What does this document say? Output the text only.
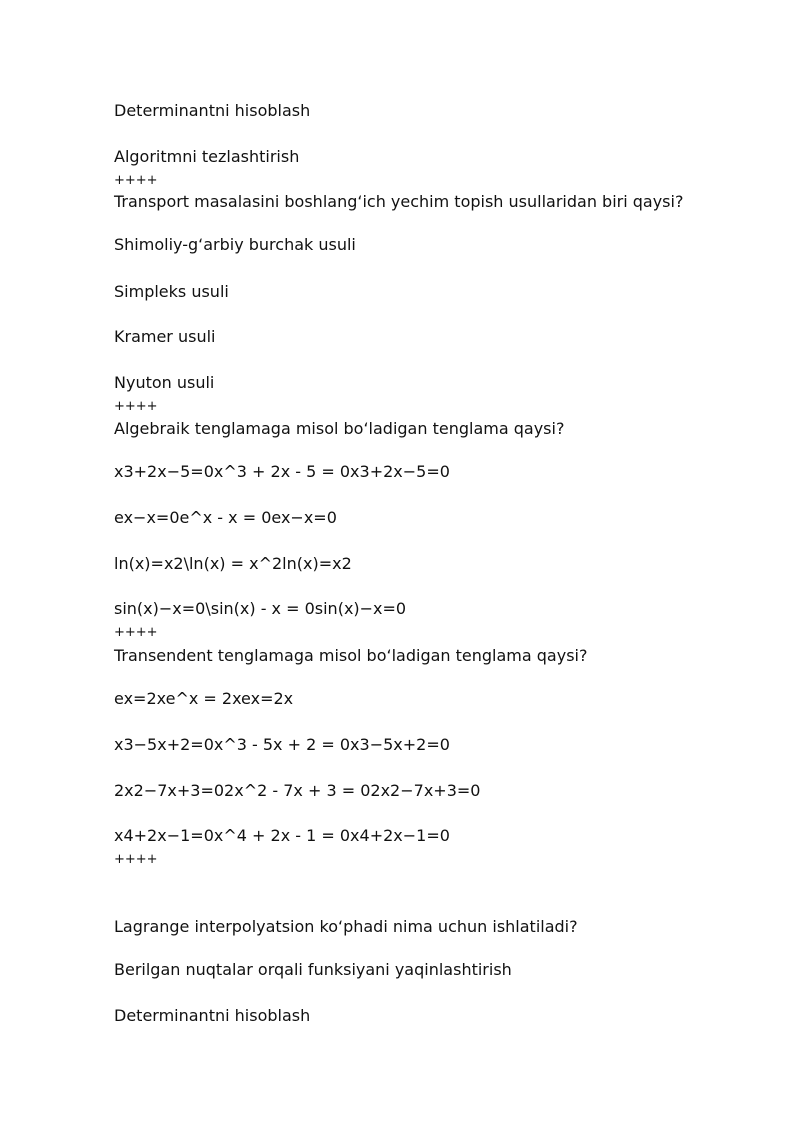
Determinantni hisoblash
Algoritmni tezlashtirish
++++
Transport masalasini boshlang‘ich yechim topish usullaridan biri qaysi?
Shimoliy-g‘arbiy burchak usuli
Simpleks usuli
Kramer usuli
Nyuton usuli
++++
Algebraik tenglamaga misol bo‘ladigan tenglama qaysi?
x3+2x−5=0x^3 + 2x - 5 = 0x3+2x−5=0
ex−x=0e^x - x = 0ex−x=0
ln(x)=x2\ln(x) = x^2ln(x)=x2
sin(x)−x=0\sin(x) - x = 0sin(x)−x=0
++++
Transendent tenglamaga misol bo‘ladigan tenglama qaysi?
ex=2xe^x = 2xex=2x
x3−5x+2=0x^3 - 5x + 2 = 0x3−5x+2=0
2x2−7x+3=02x^2 - 7x + 3 = 02x2−7x+3=0
x4+2x−1=0x^4 + 2x - 1 = 0x4+2x−1=0
++++
Lagrange interpolyatsion ko‘phadi nima uchun ishlatiladi?
Berilgan nuqtalar orqali funksiyani yaqinlashtirish
Determinantni hisoblash
